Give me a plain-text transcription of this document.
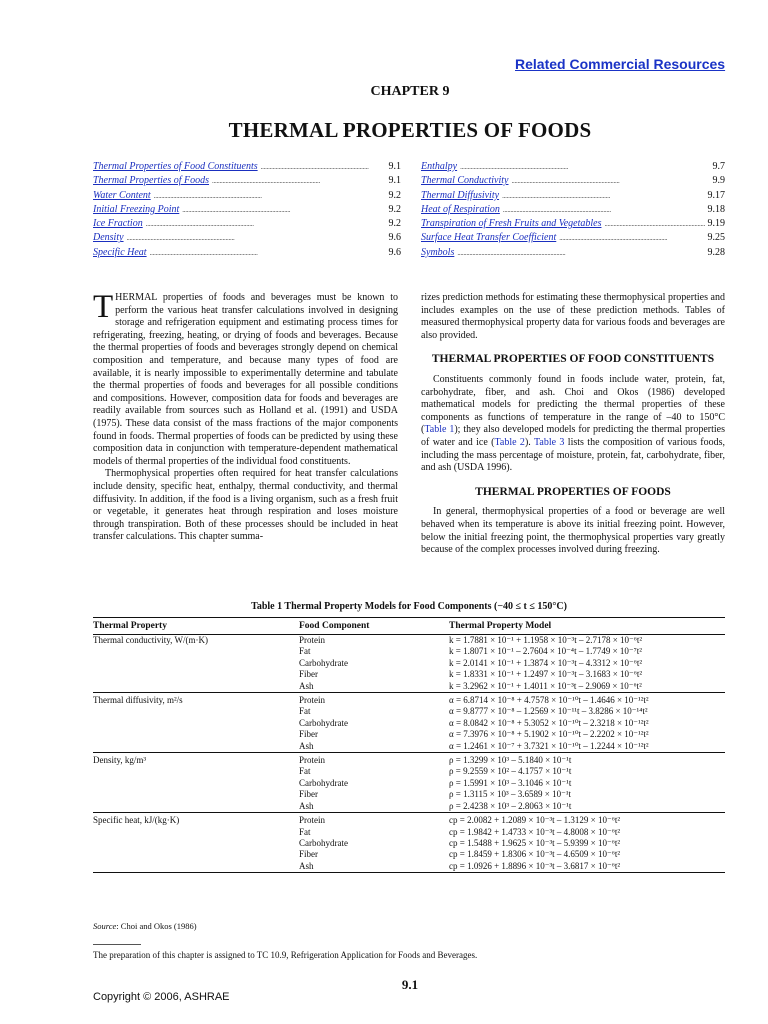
Related Commercial Resources
CHAPTER 9
THERMAL PROPERTIES OF FOODS
Thermal Properties of Food Constituents . . .	9.1
Thermal Properties of Foods . . .	9.1
Water Content . . .	9.2
Initial Freezing Point . . .	9.2
Ice Fraction . . .	9.2
Density . . .	9.6
Specific Heat . . .	9.6
Enthalpy . . .	9.7
Thermal Conductivity . . .	9.9
Thermal Diffusivity . . .	9.17
Heat of Respiration . . .	9.18
Transpiration of Fresh Fruits and Vegetables . . .	9.19
Surface Heat Transfer Coefficient . . .	9.25
Symbols . . .	9.28

THERMAL properties of foods and beverages must be known to perform the various heat transfer calculations involved in designing storage and refrigeration equipment and estimating process times for refrigerating, freezing, heating, or drying of foods and beverages. Because the thermal properties of foods and beverages strongly depend on chemical composition and temperature, and because many types of food are available, it is nearly impossible to experimentally determine and tabulate the thermal properties of foods and beverages for all possible conditions and compositions. However, composition data for foods and beverages are readily available from sources such as Holland et al. (1991) and USDA (1975). These data consist of the mass fractions of the major components found in foods. Thermal properties of foods can be predicted by using these composition data in conjunction with temperature-dependent mathematical models of thermal properties of the individual food constituents.

Thermophysical properties often required for heat transfer calculations include density, specific heat, enthalpy, thermal conductivity, and thermal diffusivity. In addition, if the food is a living organism, such as a fresh fruit or vegetable, it generates heat through respiration and loses moisture through transpiration. Both of these processes should be included in heat transfer calculations. This chapter summa-

rizes prediction methods for estimating these thermophysical properties and includes examples on the use of these prediction methods. Tables of measured thermophysical property data for various foods and beverages are also provided.

THERMAL PROPERTIES OF FOOD CONSTITUENTS

Constituents commonly found in foods include water, protein, fat, carbohydrate, fiber, and ash. Choi and Okos (1986) developed mathematical models for predicting the thermal properties of these components as functions of temperature in the range of –40 to 150°C (Table 1); they also developed models for predicting the thermal properties of water and ice (Table 2). Table 3 lists the composition of various foods, including the mass percentage of moisture, protein, fat, carbohydrate, fiber, and ash (USDA 1996).

THERMAL PROPERTIES OF FOODS

In general, thermophysical properties of a food or beverage are well behaved when its temperature is above its initial freezing point. However, below the initial freezing point, the thermophysical properties vary greatly because of the complex processes involved during freezing.

Table 1 Thermal Property Models for Food Components (−40 ≤ t ≤ 150°C)
Thermal Property	Food Component	Thermal Property Model
Thermal conductivity, W/(m·K)	Protein	k = 1.7881 × 10⁻¹ + 1.1958 × 10⁻³t – 2.7178 × 10⁻⁶t²
	Fat	k = 1.8071 × 10⁻¹ – 2.7604 × 10⁻⁴t – 1.7749 × 10⁻⁷t²
	Carbohydrate	k = 2.0141 × 10⁻¹ + 1.3874 × 10⁻³t – 4.3312 × 10⁻⁶t²
	Fiber	k = 1.8331 × 10⁻¹ + 1.2497 × 10⁻³t – 3.1683 × 10⁻⁶t²
	Ash	k = 3.2962 × 10⁻¹ + 1.4011 × 10⁻³t – 2.9069 × 10⁻⁶t²
Thermal diffusivity, m²/s	Protein	α = 6.8714 × 10⁻⁸ + 4.7578 × 10⁻¹⁰t – 1.4646 × 10⁻¹²t²
	Fat	α = 9.8777 × 10⁻⁸ – 1.2569 × 10⁻¹¹t – 3.8286 × 10⁻¹⁴t²
	Carbohydrate	α = 8.0842 × 10⁻⁸ + 5.3052 × 10⁻¹⁰t – 2.3218 × 10⁻¹²t²
	Fiber	α = 7.3976 × 10⁻⁸ + 5.1902 × 10⁻¹⁰t – 2.2202 × 10⁻¹²t²
	Ash	α = 1.2461 × 10⁻⁷ + 3.7321 × 10⁻¹⁰t – 1.2244 × 10⁻¹²t²
Density, kg/m³	Protein	ρ = 1.3299 × 10³ – 5.1840 × 10⁻¹t
	Fat	ρ = 9.2559 × 10² – 4.1757 × 10⁻¹t
	Carbohydrate	ρ = 1.5991 × 10³ – 3.1046 × 10⁻¹t
	Fiber	ρ = 1.3115 × 10³ – 3.6589 × 10⁻¹t
	Ash	ρ = 2.4238 × 10³ – 2.8063 × 10⁻¹t
Specific heat, kJ/(kg·K)	Protein	cp = 2.0082 + 1.2089 × 10⁻³t – 1.3129 × 10⁻⁶t²
	Fat	cp = 1.9842 + 1.4733 × 10⁻³t – 4.8008 × 10⁻⁶t²
	Carbohydrate	cp = 1.5488 + 1.9625 × 10⁻³t – 5.9399 × 10⁻⁶t²
	Fiber	cp = 1.8459 + 1.8306 × 10⁻³t – 4.6509 × 10⁻⁶t²
	Ash	cp = 1.0926 + 1.8896 × 10⁻³t – 3.6817 × 10⁻⁶t²
Source: Choi and Okos (1986)
The preparation of this chapter is assigned to TC 10.9, Refrigeration Application for Foods and Beverages.
9.1
Copyright © 2006, ASHRAE
